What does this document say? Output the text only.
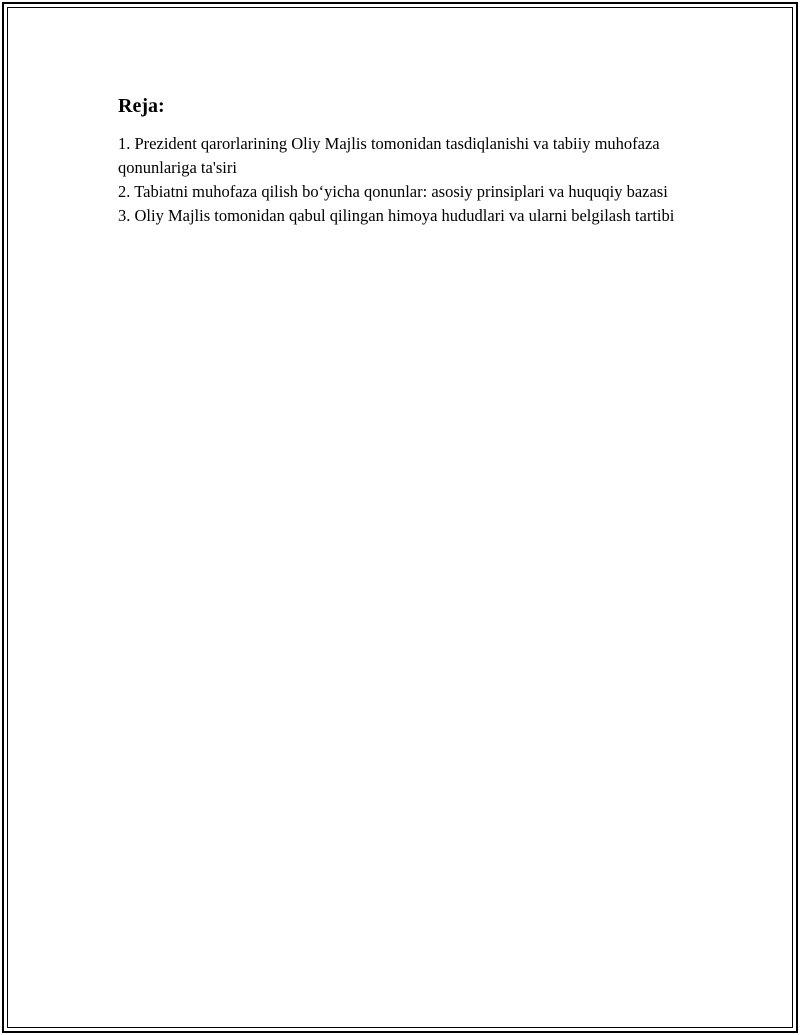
Reja:
1. Prezident qarorlarining Oliy Majlis tomonidan tasdiqlanishi va tabiiy muhofaza qonunlariga ta'siri
2. Tabiatni muhofaza qilish bo‘yicha qonunlar: asosiy prinsiplari va huquqiy bazasi
3. Oliy Majlis tomonidan qabul qilingan himoya hududlari va ularni belgilash tartibi
